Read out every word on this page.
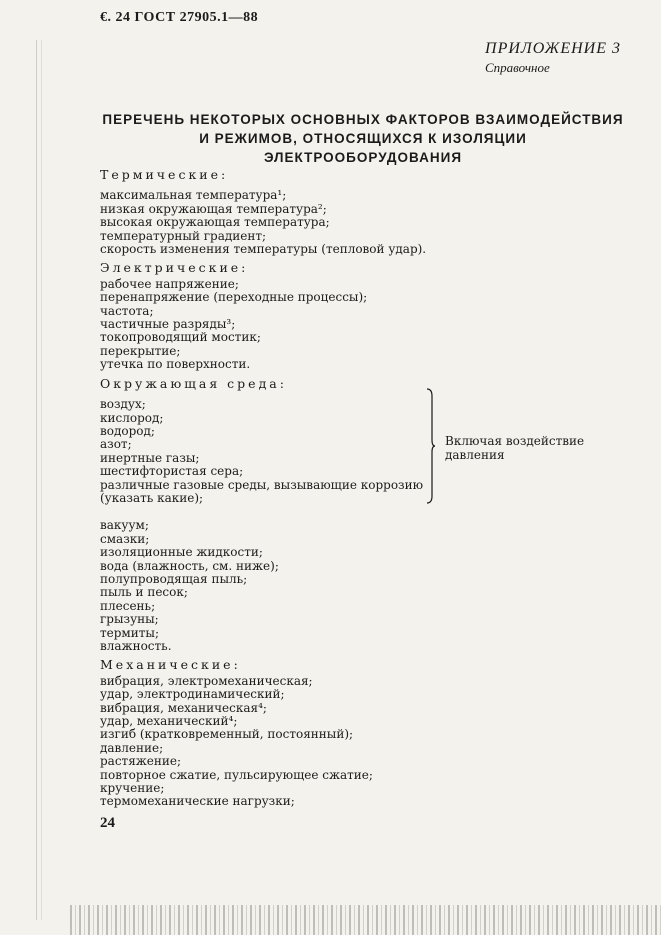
€. 24 ГОСТ 27905.1—88
ПРИЛОЖЕНИЕ 3
Справочное
ПЕРЕЧЕНЬ НЕКОТОРЫХ ОСНОВНЫХ ФАКТОРОВ ВЗАИМОДЕЙСТВИЯ
И РЕЖИМОВ, ОТНОСЯЩИХСЯ К ИЗОЛЯЦИИ ЭЛЕКТРООБОРУДОВАНИЯ
Термические:
максимальная температура¹;
низкая окружающая температура²;
высокая окружающая температура;
температурный градиент;
скорость изменения температуры (тепловой удар).
Электрические:
рабочее напряжение;
перенапряжение (переходные процессы);
частота;
частичные разряды³;
токопроводящий мостик;
перекрытие;
утечка по поверхности.
Окружающая среда:
воздух;
кислород;
водород;
азот;
инертные газы;
шестифтористая сера;
различные газовые среды, вызывающие коррозию
(указать какие);
Включая воздействие давления
вакуум;
смазки;
изоляционные жидкости;
вода (влажность, см. ниже);
полупроводящая пыль;
пыль и песок;
плесень;
грызуны;
термиты;
влажность.
Механические:
вибрация, электромеханическая;
удар, электродинамический;
вибрация, механическая⁴;
удар, механический⁴;
изгиб (кратковременный, постоянный);
давление;
растяжение;
повторное сжатие, пульсирующее сжатие;
кручение;
термомеханические нагрузки;
24
